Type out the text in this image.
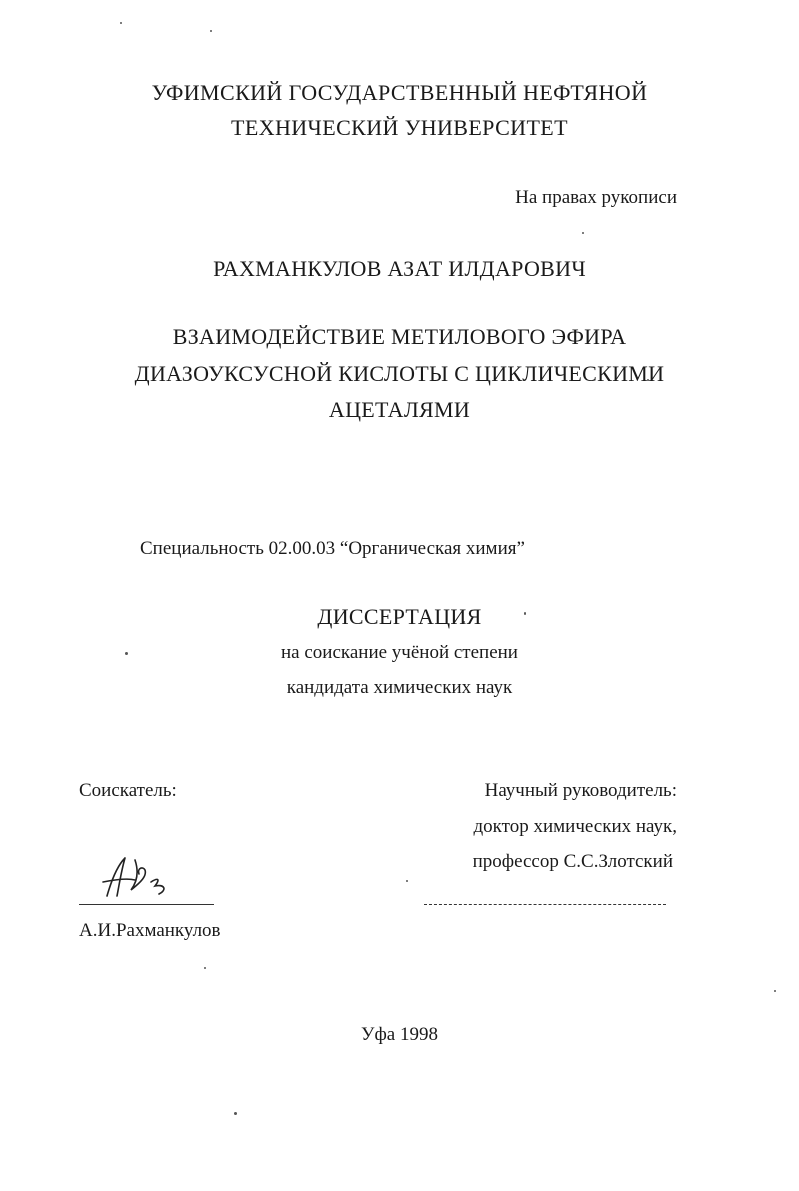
УФИМСКИЙ ГОСУДАРСТВЕННЫЙ НЕФТЯНОЙ
ТЕХНИЧЕСКИЙ УНИВЕРСИТЕТ
На правах рукописи
РАХМАНКУЛОВ АЗАТ ИЛДАРОВИЧ
ВЗАИМОДЕЙСТВИЕ МЕТИЛОВОГО ЭФИРА
ДИАЗОУКСУСНОЙ КИСЛОТЫ С ЦИКЛИЧЕСКИМИ
АЦЕТАЛЯМИ
Специальность 02.00.03 “Органическая химия”
ДИССЕРТАЦИЯ
на соискание учёной степени
кандидата химических наук
Соискатель:
А.И.Рахманкулов
Научный руководитель:
доктор химических наук,
профессор С.С.Злотский
Уфа 1998
